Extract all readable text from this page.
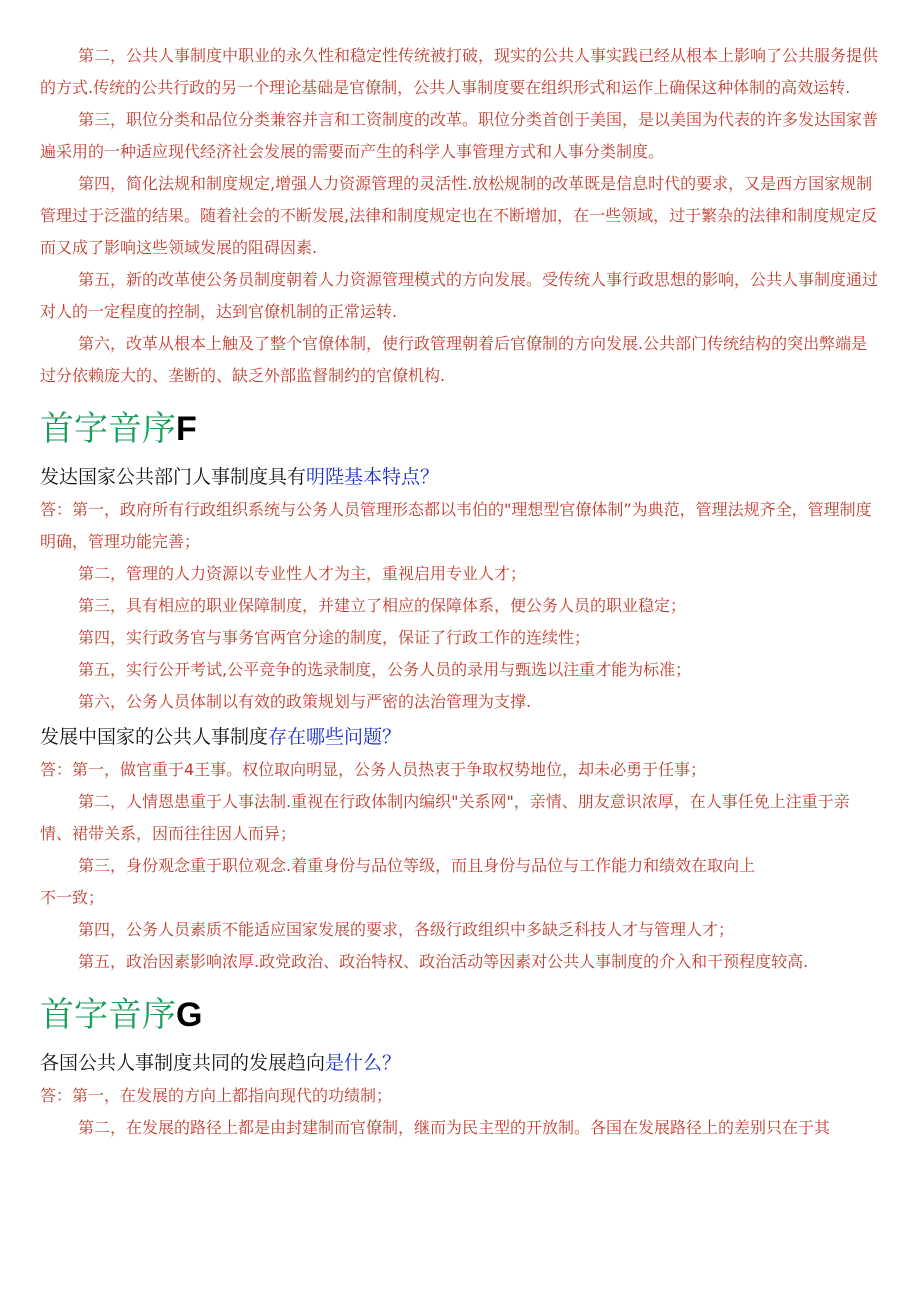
第二，公共人事制度中职业的永久性和稳定性传统被打破，现实的公共人事实践已经从根本上影响了公共服务提供的方式.传统的公共行政的另一个理论基础是官僚制，公共人事制度要在组织形式和运作上确保这种体制的高效运转.

第三，职位分类和品位分类兼容并言和工资制度的改革。职位分类首创于美国，是以美国为代表的许多发达国家普遍采用的一种适应现代经济社会发展的需要而产生的科学人事管理方式和人事分类制度。

第四，简化法规和制度规定,增强人力资源管理的灵活性.放松规制的改革既是信息时代的要求，又是西方国家规制管理过于泛滥的结果。随着社会的不断发展,法律和制度规定也在不断增加，在一些领域，过于繁杂的法律和制度规定反而又成了影响这些领域发展的阻碍因素.

第五，新的改革使公务员制度朝着人力资源管理模式的方向发展。受传统人事行政思想的影响，公共人事制度通过对人的一定程度的控制，达到官僚机制的正常运转.

第六，改革从根本上触及了整个官僚体制，使行政管理朝着后官僚制的方向发展.公共部门传统结构的突出弊端是过分依赖庞大的、垄断的、缺乏外部监督制约的官僚机构.

首字音序F

发达国家公共部门人事制度具有明陛基本特点？

答：第一，政府所有行政组织系统与公务人员管理形态都以韦伯的"理想型官僚体制”为典范，管理法规齐全，管理制度明确，管理功能完善；

第二，管理的人力资源以专业性人才为主，重视启用专业人才；

第三，具有相应的职业保障制度，并建立了相应的保障体系，便公务人员的职业稳定；

第四，实行政务官与事务官两官分途的制度，保证了行政工作的连续性；

第五，实行公开考试,公平竞争的选录制度，公务人员的录用与甄选以注重才能为标准；

第六，公务人员体制以有效的政策规划与严密的法治管理为支撑.

发展中国家的公共人事制度存在哪些问题？

答：第一，做官重于4王事。权位取向明显，公务人员热衷于争取权势地位，却未必勇于任事；

第二，人情恩患重于人事法制.重视在行政体制内编织"关系网"，亲情、朋友意识浓厚，在人事任免上注重于亲情、裙带关系，因而往往因人而异；

第三，身份观念重于职位观念.着重身份与品位等级，而且身份与品位与工作能力和绩效在取向上

不一致；

第四，公务人员素质不能适应国家发展的要求，各级行政组织中多缺乏科技人才与管理人才；

第五，政治因素影响浓厚.政党政治、政治特权、政治活动等因素对公共人事制度的介入和干预程度较高.

首字音序G

各国公共人事制度共同的发展趋向是什么？

答：第一，在发展的方向上都指向现代的功绩制；

第二，在发展的路径上都是由封建制而官僚制，继而为民主型的开放制。各国在发展路径上的差别只在于其
